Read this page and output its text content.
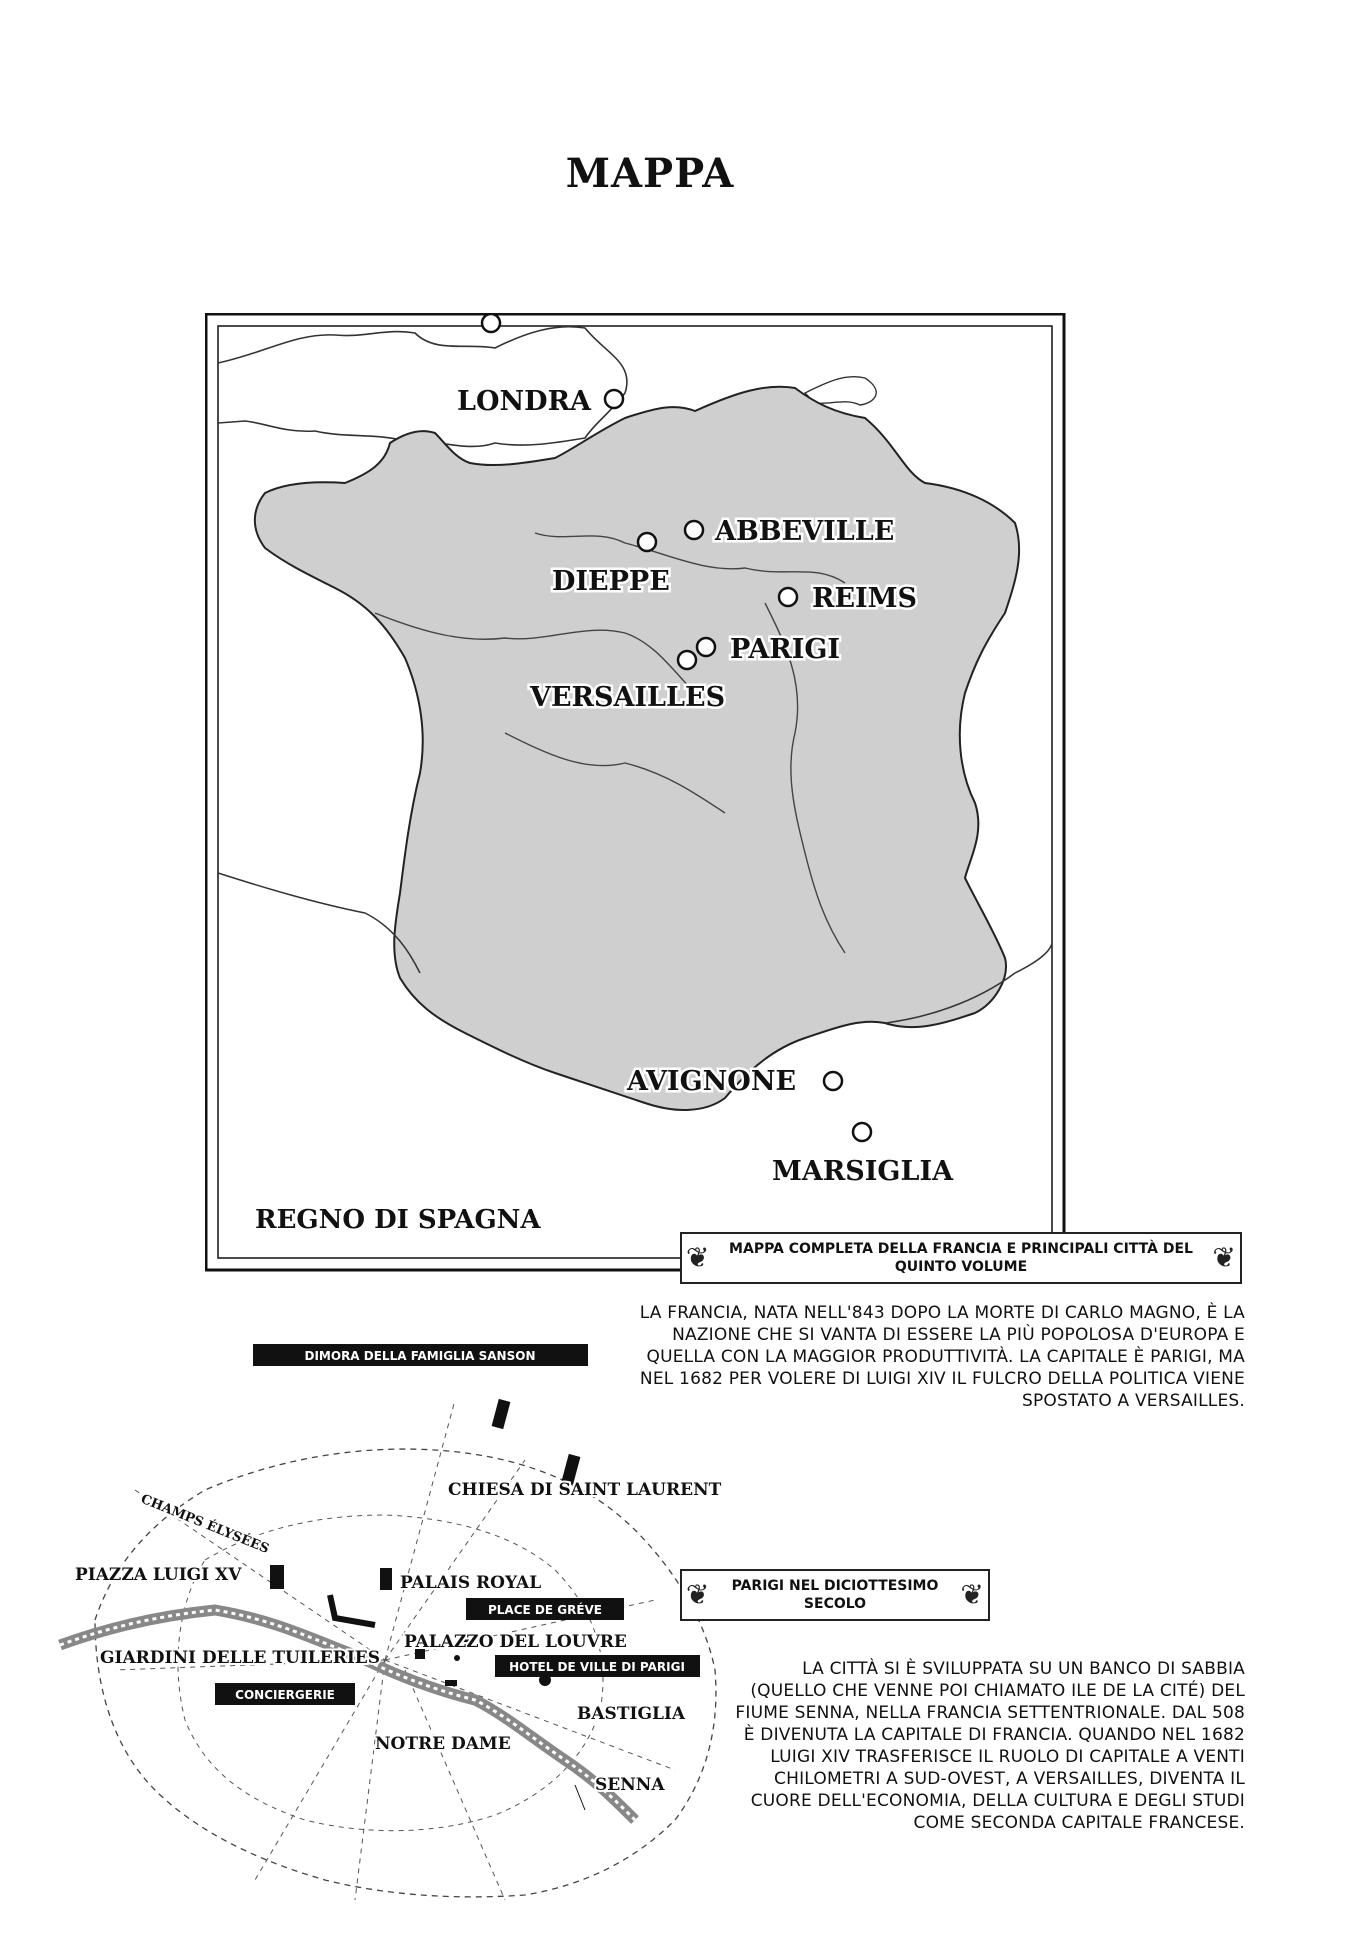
MAPPA
LONDRA
ABBEVILLE
DIEPPE
REIMS
PARIGI
VERSAILLES
AVIGNONE
MARSIGLIA
REGNO DI SPAGNA
❦ MAPPA COMPLETA DELLA FRANCIA E PRINCIPALI CITTÀ DEL QUINTO VOLUME	❦
LA FRANCIA, NATA NELL'843 DOPO LA MORTE DI CARLO MAGNO, È LA NAZIONE CHE SI VANTA DI ESSERE LA PIÙ POPOLOSA D'EUROPA E QUELLA CON LA MAGGIOR PRODUTTIVITÀ. LA CAPITALE È PARIGI, MA NEL 1682 PER VOLERE DI LUIGI XIV IL FULCRO DELLA POLITICA VIENE SPOSTATO A VERSAILLES.
DIMORA DELLA FAMIGLIA SANSON
CHIESA DI SAINT LAURENT
CHAMPS ÉLYSÉES
PIAZZA LUIGI XV	PALAIS ROYAL
PLACE DE GRÉVE
PALAZZO DEL LOUVRE
GIARDINI DELLE TUILERIES	HOTEL DE VILLE DI PARIGI
CONCIERGERIE
BASTIGLIA
NOTRE DAME
SENNA
❦ PARIGI NEL DICIOTTESIMO SECOLO	❦
LA CITTÀ SI È SVILUPPATA SU UN BANCO DI SABBIA (QUELLO CHE VENNE POI CHIAMATO ILE DE LA CITÉ) DEL FIUME SENNA, NELLA FRANCIA SETTENTRIONALE. DAL 508 È DIVENUTA LA CAPITALE DI FRANCIA. QUANDO NEL 1682 LUIGI XIV TRASFERISCE IL RUOLO DI CAPITALE A VENTI CHILOMETRI A SUD-OVEST, A VERSAILLES, DIVENTA IL CUORE DELL'ECONOMIA, DELLA CULTURA E DEGLI STUDI COME SECONDA CAPITALE FRANCESE.
